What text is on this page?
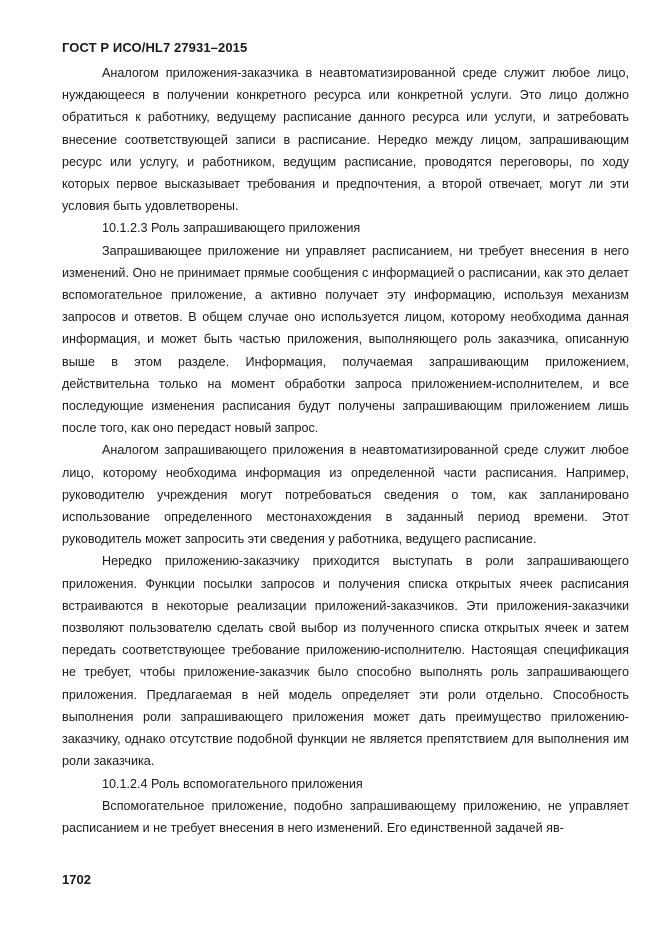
ГОСТ Р ИСО/HL7 27931–2015

Аналогом приложения-заказчика в неавтоматизированной среде служит любое лицо, нуждающееся в получении конкретного ресурса или конкретной услуги. Это лицо должно обратиться к работнику, ведущему расписание данного ресурса или услуги, и затребовать внесение соответствующей записи в расписание. Нередко между лицом, запрашивающим ресурс или услугу, и работником, ведущим расписание, проводятся переговоры, по ходу которых первое высказывает требования и предпочтения, а второй отвечает, могут ли эти условия быть удовлетворены.

10.1.2.3 Роль запрашивающего приложения

Запрашивающее приложение ни управляет расписанием, ни требует внесения в него изменений. Оно не принимает прямые сообщения с информацией о расписании, как это делает вспомогательное приложение, а активно получает эту информацию, используя механизм запросов и ответов. В общем случае оно используется лицом, которому необходима данная информация, и может быть частью приложения, выполняющего роль заказчика, описанную выше в этом разделе. Информация, получаемая запрашивающим приложением, действительна только на момент обработки запроса приложением-исполнителем, и все последующие изменения расписания будут получены запрашивающим приложением лишь после того, как оно передаст новый запрос.

Аналогом запрашивающего приложения в неавтоматизированной среде служит любое лицо, которому необходима информация из определенной части расписания. Например, руководителю учреждения могут потребоваться сведения о том, как запланировано использование определенного местонахождения в заданный период времени. Этот руководитель может запросить эти сведения у работника, ведущего расписание.

Нередко приложению-заказчику приходится выступать в роли запрашивающего приложения. Функции посылки запросов и получения списка открытых ячеек расписания встраиваются в некоторые реализации приложений-заказчиков. Эти приложения-заказчики позволяют пользователю сделать свой выбор из полученного списка открытых ячеек и затем передать соответствующее требование приложению-исполнителю. Настоящая спецификация не требует, чтобы приложение-заказчик было способно выполнять роль запрашивающего приложения. Предлагаемая в ней модель определяет эти роли отдельно. Способность выполнения роли запрашивающего приложения может дать преимущество приложению-заказчику, однако отсутствие подобной функции не является препятствием для выполнения им роли заказчика.

10.1.2.4 Роль вспомогательного приложения

Вспомогательное приложение, подобно запрашивающему приложению, не управляет расписанием и не требует внесения в него изменений. Его единственной задачей яв-

1702
